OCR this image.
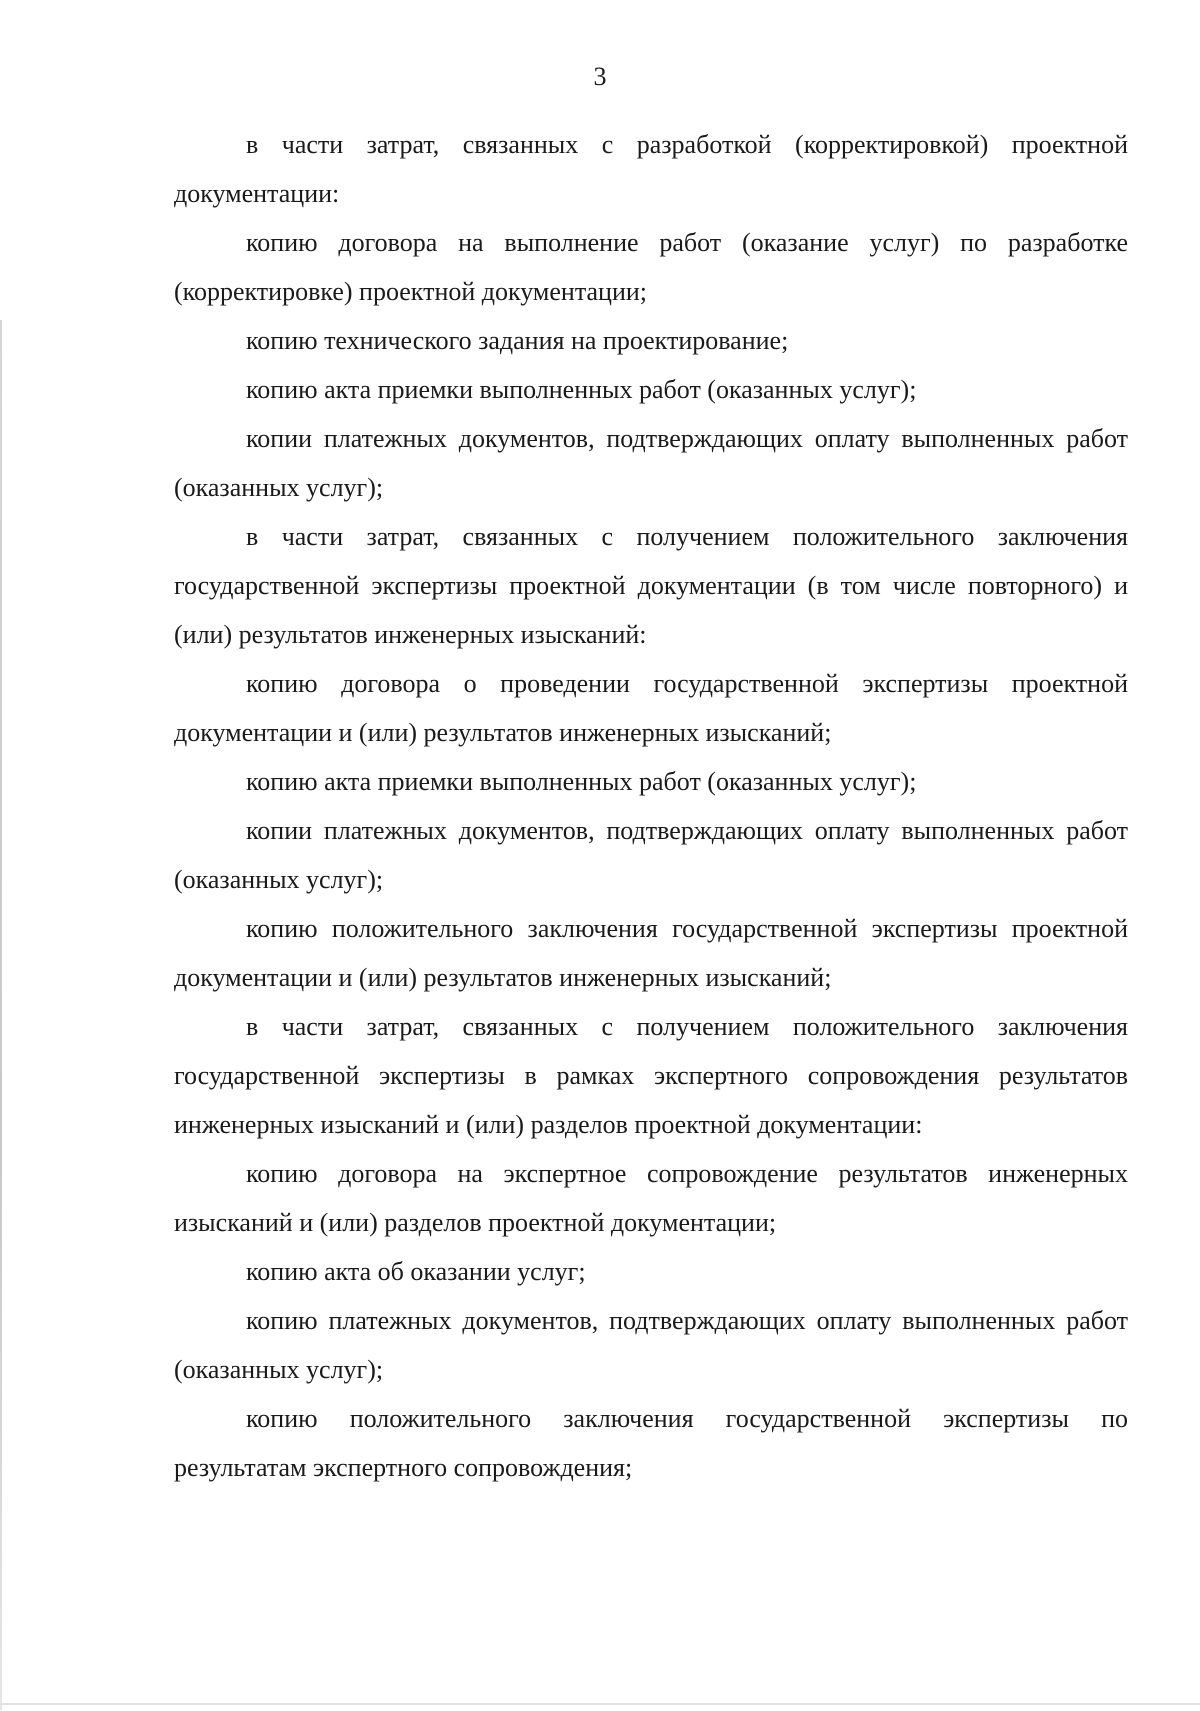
3

в части затрат, связанных с разработкой (корректировкой) проектной документации:

копию договора на выполнение работ (оказание услуг) по разработке (корректировке) проектной документации;

копию технического задания на проектирование;

копию акта приемки выполненных работ (оказанных услуг);

копии платежных документов, подтверждающих оплату выполненных работ (оказанных услуг);

в части затрат, связанных с получением положительного заключения государственной экспертизы проектной документации (в том числе повторного) и (или) результатов инженерных изысканий:

копию договора о проведении государственной экспертизы проектной документации и (или) результатов инженерных изысканий;

копию акта приемки выполненных работ (оказанных услуг);

копии платежных документов, подтверждающих оплату выполненных работ (оказанных услуг);

копию положительного заключения государственной экспертизы проектной документации и (или) результатов инженерных изысканий;

в части затрат, связанных с получением положительного заключения государственной экспертизы в рамках экспертного сопровождения результатов инженерных изысканий и (или) разделов проектной документации:

копию договора на экспертное сопровождение результатов инженерных изысканий и (или) разделов проектной документации;

копию акта об оказании услуг;

копию платежных документов, подтверждающих оплату выполненных работ (оказанных услуг);

копию положительного заключения государственной экспертизы по результатам экспертного сопровождения;
